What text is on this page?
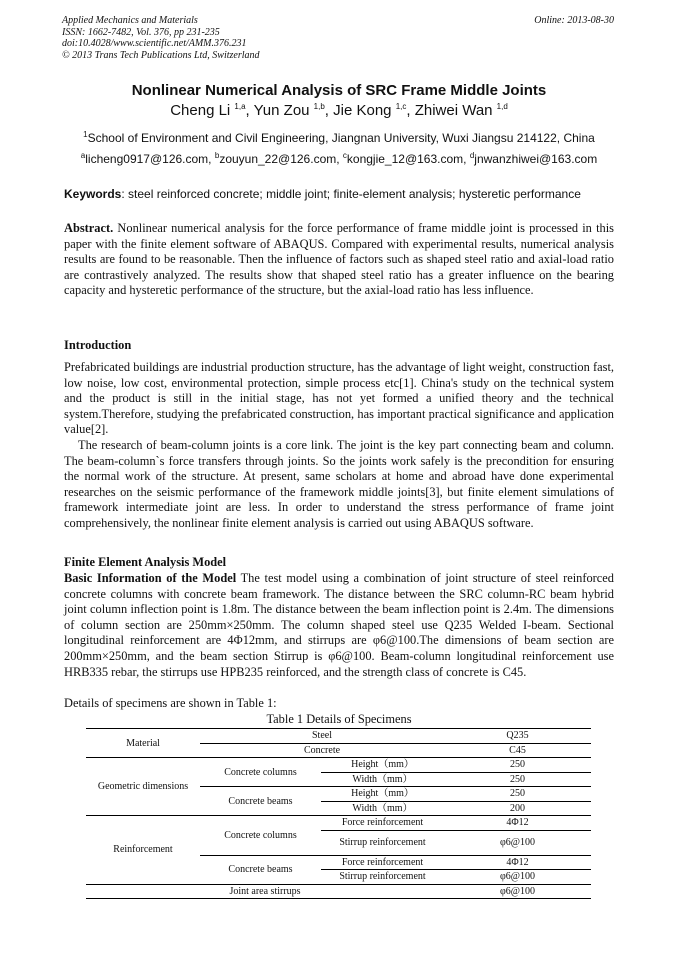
Applied Mechanics and Materials
ISSN: 1662-7482, Vol. 376, pp 231-235
doi:10.4028/www.scientific.net/AMM.376.231
© 2013 Trans Tech Publications Ltd, Switzerland
Online: 2013-08-30
Nonlinear Numerical Analysis of SRC Frame Middle Joints
Cheng Li $^{1,a}$, Yun Zou $^{1,b}$, Jie Kong $^{1,c}$, Zhiwei Wan $^{1,d}$
$^1$School of Environment and Civil Engineering, Jiangnan University, Wuxi Jiangsu 214122, China
$^a$licheng0917@126.com, $^b$zouyun_22@126.com, $^c$kongjie_12@163.com, $^d$jnwanzhiwei@163.com
Keywords: steel reinforced concrete; middle joint; finite-element analysis; hysteretic performance
Abstract. Nonlinear numerical analysis for the force performance of frame middle joint is processed in this paper with the finite element software of ABAQUS. Compared with experimental results, numerical analysis results are found to be reasonable. Then the influence of factors such as shaped steel ratio and axial-load ratio are contrastively analyzed. The results show that shaped steel ratio has a greater influence on the bearing capacity and hysteretic performance of the structure, but the axial-load ratio has less influence.
Introduction
Prefabricated buildings are industrial production structure, has the advantage of light weight, construction fast, low noise, low cost, environmental protection, simple process etc[1]. China's study on the technical system and the product is still in the initial stage, has not yet formed a unified theory and the technical system.Therefore, studying the prefabricated construction, has important practical significance and application value[2].
The research of beam-column joints is a core link. The joint is the key part connecting beam and column. The beam-column`s force transfers through joints. So the joints work safely is the precondition for ensuring the normal work of the structure. At present, same scholars at home and abroad have done experimental researches on the seismic performance of the framework middle joints[3], but finite element simulations of framework intermediate joint are less. In order to understand the stress performance of frame joint comprehensively, the nonlinear finite element analysis is carried out using ABAQUS software.
Finite Element Analysis Model
Basic Information of the Model The test model using a combination of joint structure of steel reinforced concrete columns with concrete beam framework. The distance between the SRC column-RC beam hybrid joint column inflection point is 1.8m. The distance between the beam inflection point is 2.4m. The dimensions of column section are 250mm×250mm. The column shaped steel use Q235 Welded I-beam. Sectional longitudinal reinforcement are 4Φ12mm, and stirrups are φ6@100.The dimensions of beam section are 200mm×250mm, and the beam section Stirrup is φ6@100. Beam-column longitudinal reinforcement use HRB335 rebar, the stirrups use HPB235 reinforced, and the strength class of concrete is C45.
Details of specimens are shown in Table 1:
Table 1 Details of Specimens
Material	Steel		Q235
	Concrete		C45
Geometric dimensions	Concrete columns	Height（mm）	250
		Width（mm）	250
	Concrete beams	Height（mm）	250
		Width（mm）	200
Reinforcement	Concrete columns	Force reinforcement	4Φ12
		Stirrup reinforcement	φ6@100
	Concrete beams	Force reinforcement	4Φ12
		Stirrup reinforcement	φ6@100
Joint area stirrups			φ6@100
